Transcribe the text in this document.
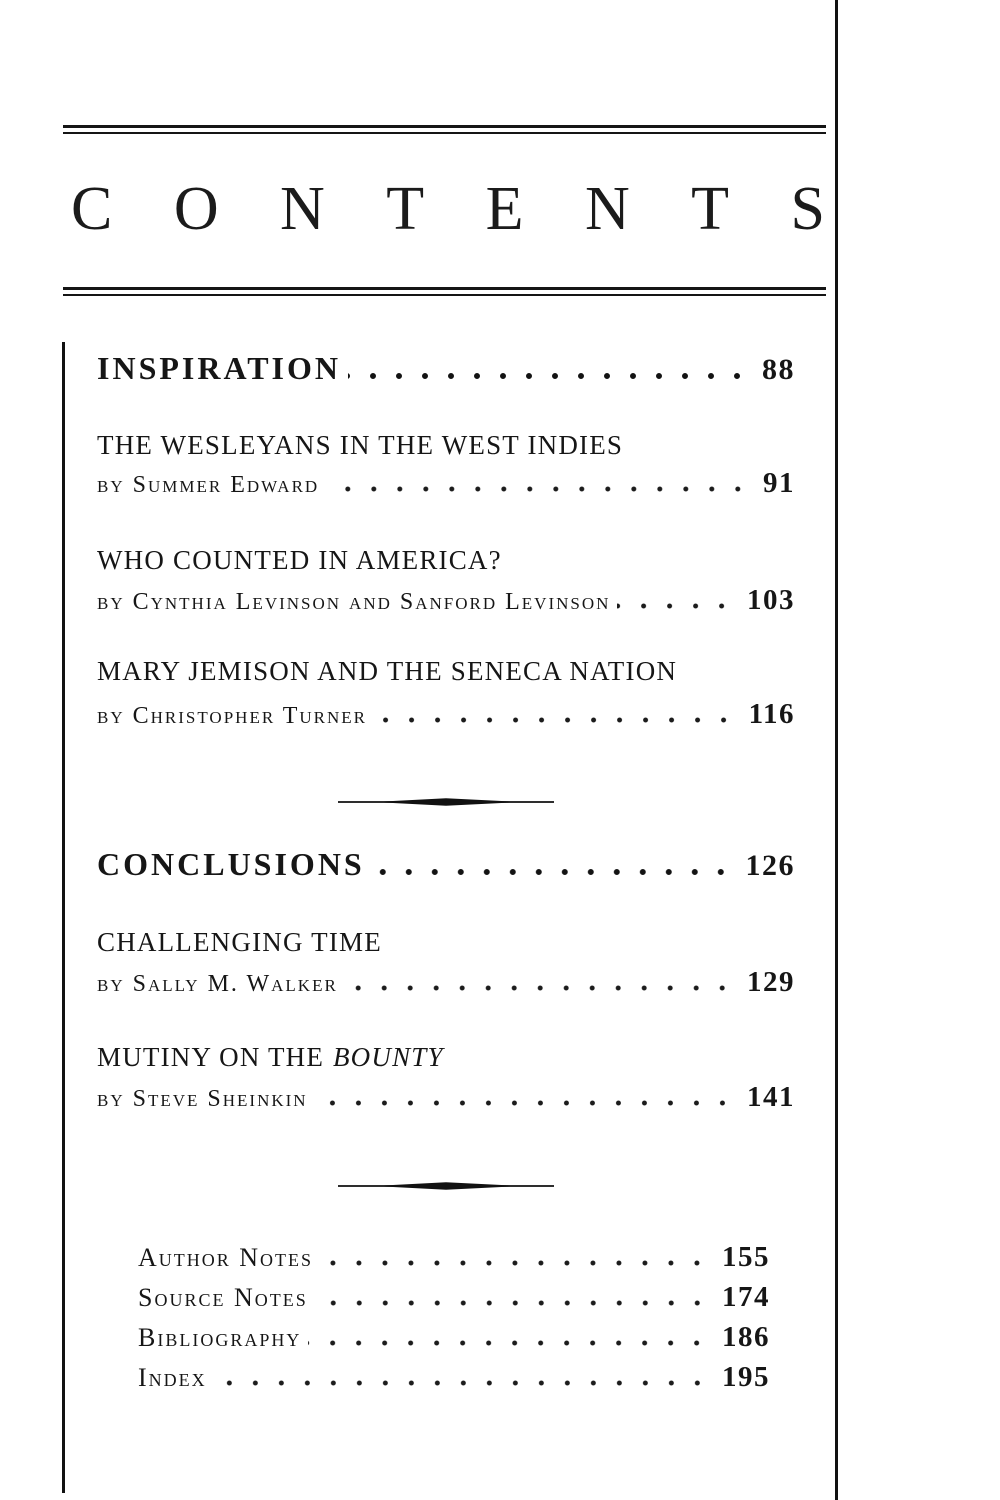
C O N T E N T S
INSPIRATION	88
THE WESLEYANS IN THE WEST INDIES
by Summer Edward	91
WHO COUNTED IN AMERICA?
by Cynthia Levinson and Sanford Levinson	103
MARY JEMISON AND THE SENECA NATION
by Christopher Turner	116
CONCLUSIONS	126
CHALLENGING TIME
by Sally M. Walker	129
MUTINY ON THE BOUNTY
by Steve Sheinkin	141
Author Notes	155
Source Notes	174
Bibliography	186
Index	195
